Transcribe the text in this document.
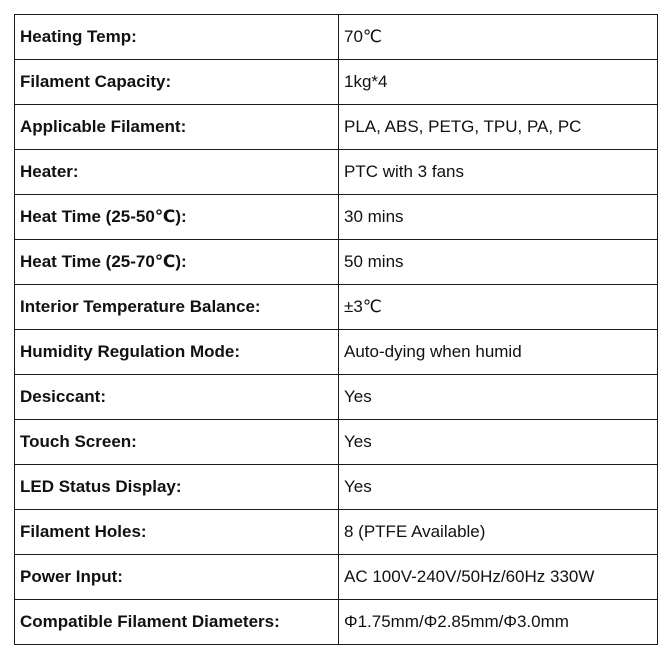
Heating Temp:	70℃
Filament Capacity:	1kg*4
Applicable Filament:	PLA, ABS, PETG, TPU, PA, PC
Heater:	PTC with 3 fans
Heat Time (25-50℃):	30 mins
Heat Time (25-70℃):	50 mins
Interior Temperature Balance:	±3℃
Humidity Regulation Mode:	Auto-dying when humid
Desiccant:	Yes
Touch Screen:	Yes
LED Status Display:	Yes
Filament Holes:	8 (PTFE Available)
Power Input:	AC 100V-240V/50Hz/60Hz 330W
Compatible Filament Diameters:	Φ1.75mm/Φ2.85mm/Φ3.0mm
